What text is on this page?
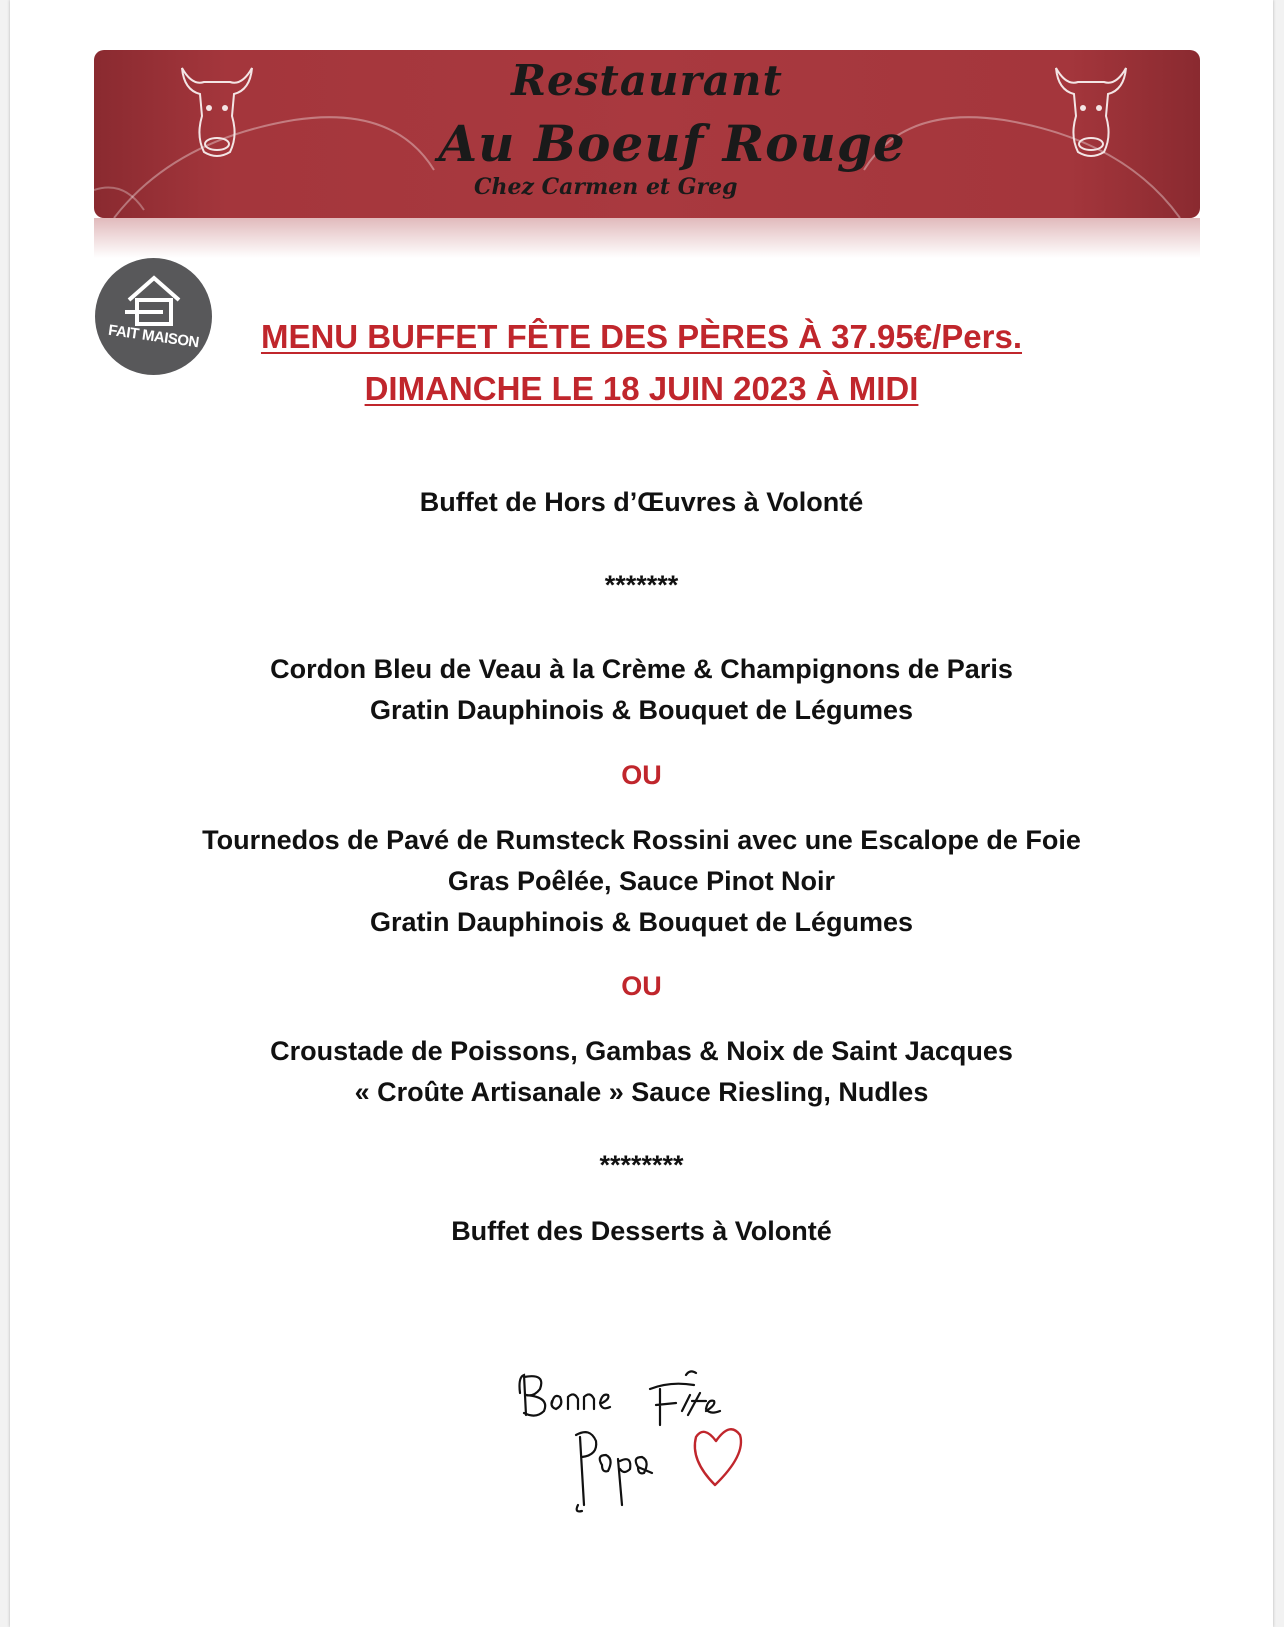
Restaurant
Au Boeuf Rouge
Chez Carmen et Greg
FAIT MAISON	MENU BUFFET FÊTE DES PÈRES À 37.95€/Pers.
DIMANCHE LE 18 JUIN 2023 À MIDI
Buffet de Hors d’Œuvres à Volonté
*******
Cordon Bleu de Veau à la Crème & Champignons de Paris
Gratin Dauphinois & Bouquet de Légumes
OU
Tournedos de Pavé de Rumsteck Rossini avec une Escalope de Foie
Gras Poêlée, Sauce Pinot Noir
Gratin Dauphinois & Bouquet de Légumes
OU
Croustade de Poissons, Gambas & Noix de Saint Jacques
« Croûte Artisanale » Sauce Riesling, Nudles
********
Buffet des Desserts à Volonté
